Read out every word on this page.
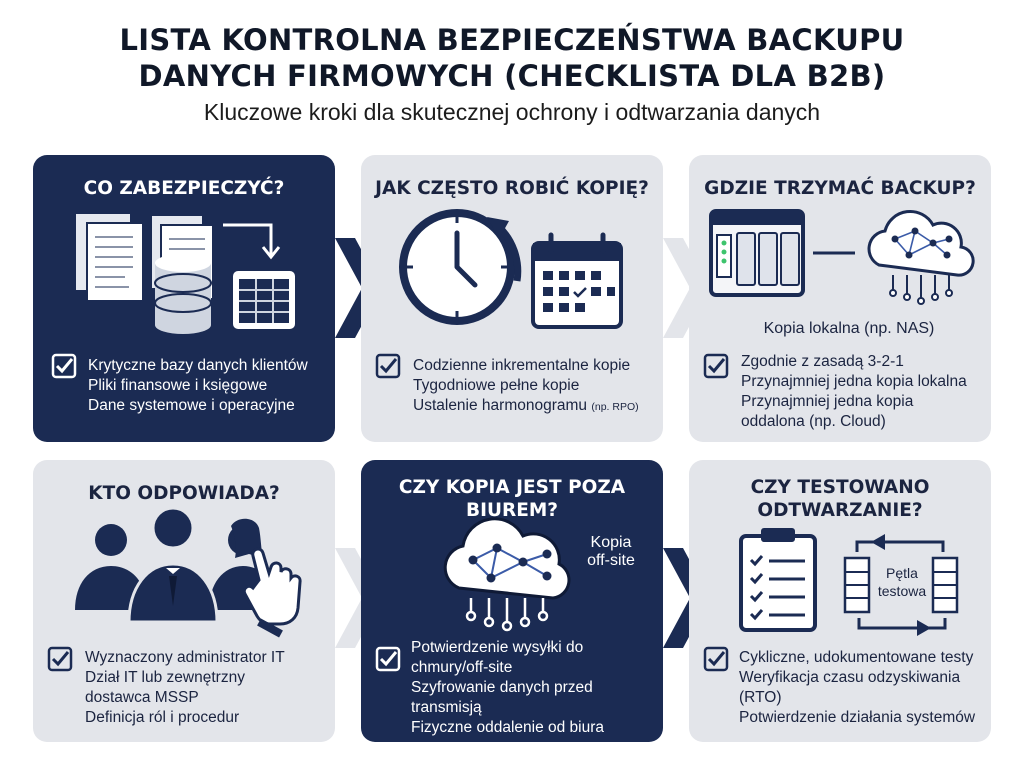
LISTA KONTROLNA BEZPIECZEŃSTWA BACKUPU
DANYCH FIRMOWYCH (CHECKLISTA DLA B2B)
Kluczowe kroki dla skutecznej ochrony i odtwarzania danych
CO ZABEZPIECZYĆ?
Krytyczne bazy danych klientów
Pliki finansowe i księgowe
Dane systemowe i operacyjne
JAK CZĘSTO ROBIĆ KOPIĘ?
Codzienne inkrementalne kopie
Tygodniowe pełne kopie
Ustalenie harmonogramu (np. RPO)
GDZIE TRZYMAĆ BACKUP?
Kopia lokalna (np. NAS)
Zgodnie z zasadą 3-2-1
Przynajmniej jedna kopia lokalna
Przynajmniej jedna kopia
oddalona (np. Cloud)
KTO ODPOWIADA?
Wyznaczony administrator IT
Dział IT lub zewnętrzny
dostawca MSSP
Definicja ról i procedur
CZY KOPIA JEST POZA
BIUREM?
Kopia
off-site
Potwierdzenie wysyłki do
chmury/off-site
Szyfrowanie danych przed
transmisją
Fizyczne oddalenie od biura
CZY TESTOWANO
ODTWARZANIE?
Pętla
testowa
Cykliczne, udokumentowane testy
Weryfikacja czasu odzyskiwania
(RTO)
Potwierdzenie działania systemów
